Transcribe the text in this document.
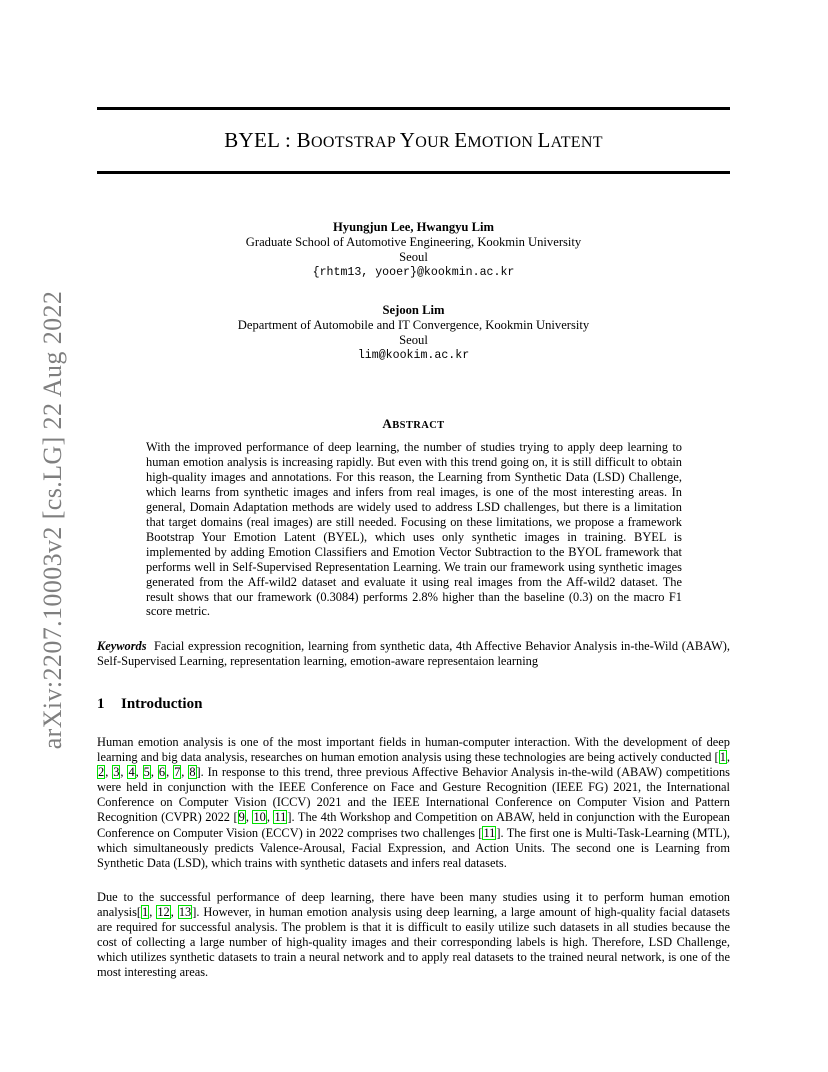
arXiv:2207.10003v2 [cs.LG] 22 Aug 2022
BYEL : BOOTSTRAP YOUR EMOTION LATENT
Hyungjun Lee, Hwangyu Lim
Graduate School of Automotive Engineering, Kookmin University
Seoul
{rhtm13, yooer}@kookmin.ac.kr
Sejoon Lim
Department of Automobile and IT Convergence, Kookmin University
Seoul
lim@kookim.ac.kr
ABSTRACT

With the improved performance of deep learning, the number of studies trying to apply deep learning to human emotion analysis is increasing rapidly. But even with this trend going on, it is still difficult to obtain high-quality images and annotations. For this reason, the Learning from Synthetic Data (LSD) Challenge, which learns from synthetic images and infers from real images, is one of the most interesting areas. In general, Domain Adaptation methods are widely used to address LSD challenges, but there is a limitation that target domains (real images) are still needed. Focusing on these limitations, we propose a framework Bootstrap Your Emotion Latent (BYEL), which uses only synthetic images in training. BYEL is implemented by adding Emotion Classifiers and Emotion Vector Subtraction to the BYOL framework that performs well in Self-Supervised Representation Learning. We train our framework using synthetic images generated from the Aff-wild2 dataset and evaluate it using real images from the Aff-wild2 dataset. The result shows that our framework (0.3084) performs 2.8% higher than the baseline (0.3) on the macro F1 score metric.

Keywords Facial expression recognition, learning from synthetic data, 4th Affective Behavior Analysis in-the-Wild (ABAW), Self-Supervised Learning, representation learning, emotion-aware representaion learning

1 Introduction

Human emotion analysis is one of the most important fields in human-computer interaction. With the development of deep learning and big data analysis, researches on human emotion analysis using these technologies are being actively conducted [1, 2, 3, 4, 5, 6, 7, 8]. In response to this trend, three previous Affective Behavior Analysis in-the-wild (ABAW) competitions were held in conjunction with the IEEE Conference on Face and Gesture Recognition (IEEE FG) 2021, the International Conference on Computer Vision (ICCV) 2021 and the IEEE International Conference on Computer Vision and Pattern Recognition (CVPR) 2022 [9, 10, 11]. The 4th Workshop and Competition on ABAW, held in conjunction with the European Conference on Computer Vision (ECCV) in 2022 comprises two challenges [11]. The first one is Multi-Task-Learning (MTL), which simultaneously predicts Valence-Arousal, Facial Expression, and Action Units. The second one is Learning from Synthetic Data (LSD), which trains with synthetic datasets and infers real datasets.

Due to the successful performance of deep learning, there have been many studies using it to perform human emotion analysis[1, 12, 13]. However, in human emotion analysis using deep learning, a large amount of high-quality facial datasets are required for successful analysis. The problem is that it is difficult to easily utilize such datasets in all studies because the cost of collecting a large number of high-quality images and their corresponding labels is high. Therefore, LSD Challenge, which utilizes synthetic datasets to train a neural network and to apply real datasets to the trained neural network, is one of the most interesting areas.
